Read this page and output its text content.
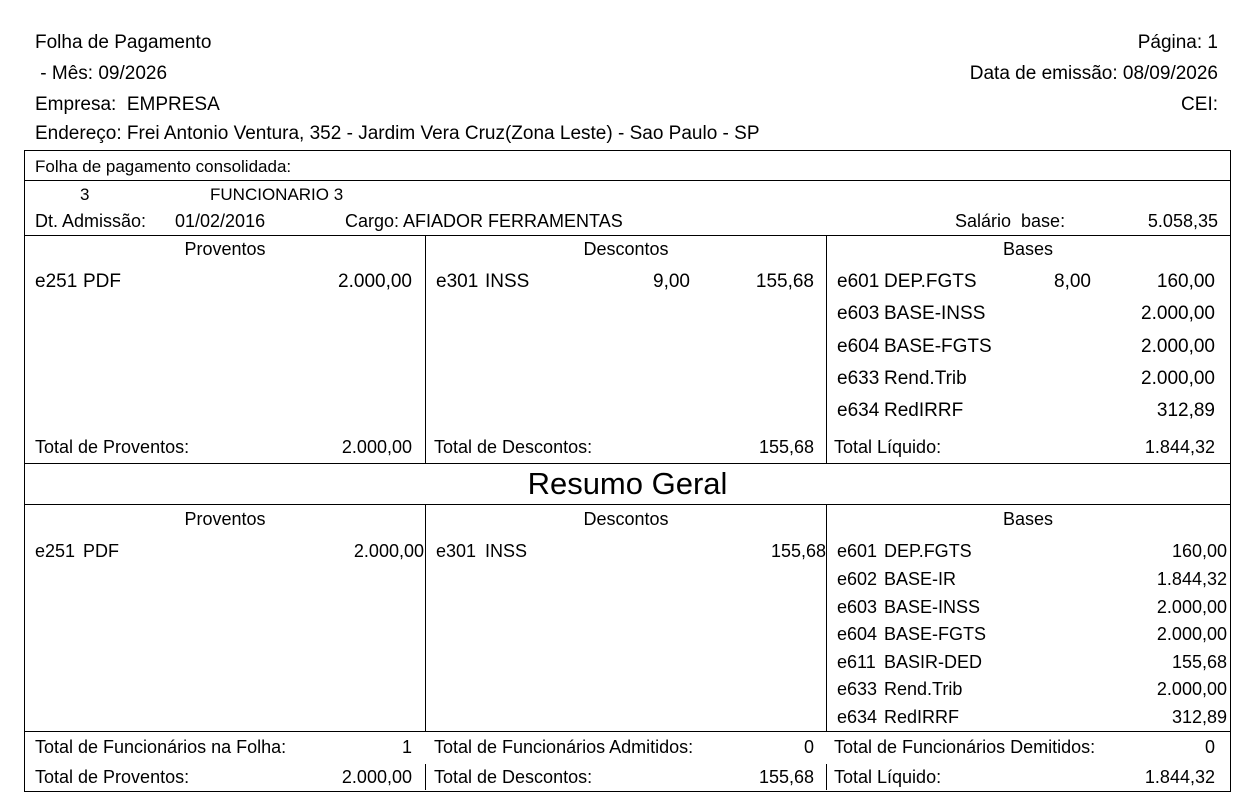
Folha de Pagamento	Página: 1
- Mês: 09/2026	Data de emissão: 08/09/2026
Empresa:  EMPRESA	CEI:
Endereço: Frei Antonio Ventura, 352 - Jardim Vera Cruz(Zona Leste) - Sao Paulo - SP
Folha de pagamento consolidada:
3	FUNCIONARIO 3
Dt. Admissão: 01/02/2016	Cargo: AFIADOR FERRAMENTAS	Salário  base:	5.058,35
Proventos	Descontos	Bases
e251 PDF	2.000,00 e301 INSS	9,00	155,68 e601 DEP.FGTS	8,00	160,00
e603 BASE-INSS	2.000,00
e604 BASE-FGTS	2.000,00
e633 Rend.Trib	2.000,00
e634 RedIRRF	312,89
Total de Proventos:	2.000,00 Total de Descontos:	155,68 Total Líquido:	1.844,32
Resumo Geral
Proventos	Descontos	Bases
e251 PDF	2.000,00 e301 INSS	155,68 e601 DEP.FGTS	160,00
e602 BASE-IR	1.844,32
e603 BASE-INSS	2.000,00
e604 BASE-FGTS	2.000,00
e611 BASIR-DED	155,68
e633 Rend.Trib	2.000,00
e634 RedIRRF	312,89
Total de Funcionários na Folha:	1 Total de Funcionários Admitidos:	0 Total de Funcionários Demitidos:	0
Total de Proventos:	2.000,00 Total de Descontos:	155,68 Total Líquido:	1.844,32
